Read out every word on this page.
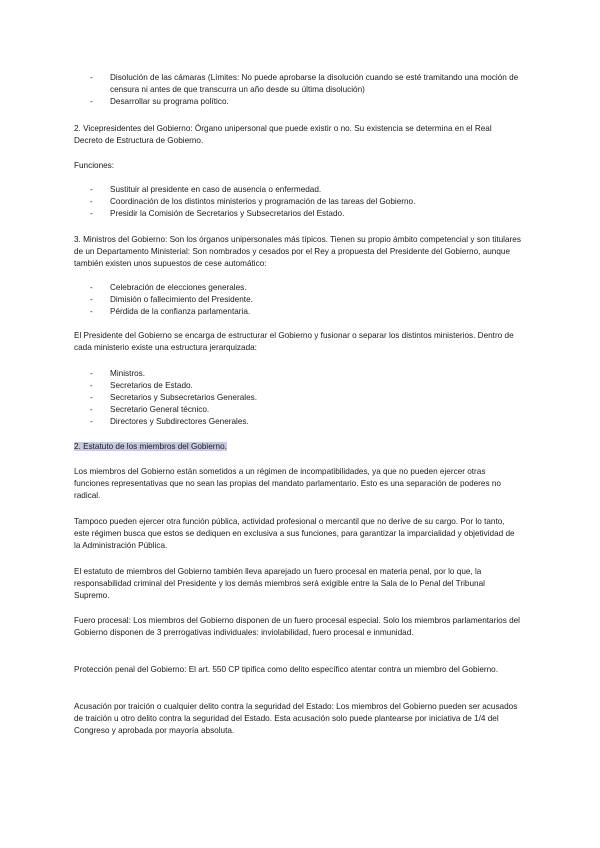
- Disolución de las cámaras (Límites: No puede aprobarse la disolución cuando se esté tramitando una moción de censura ni antes de que transcurra un año desde su última disolución)
- Desarrollar su programa político.

2. Vicepresidentes del Gobierno: Órgano unipersonal que puede existir o no. Su existencia se determina en el Real Decreto de Estructura de Gobierno.

Funciones:

- Sustituir al presidente en caso de ausencia o enfermedad.
- Coordinación de los distintos ministerios y programación de las tareas del Gobierno.
- Presidir la Comisión de Secretarios y Subsecretarios del Estado.

3. Ministros del Gobierno: Son los órganos unipersonales más típicos. Tienen su propio ámbito competencial y son titulares de un Departamento Ministerial: Son nombrados y cesados por el Rey a propuesta del Presidente del Gobierno, aunque también existen unos supuestos de cese automático:

- Celebración de elecciones generales.
- Dimisión o fallecimiento del Presidente.
- Pérdida de la confianza parlamentaria.

El Presidente del Gobierno se encarga de estructurar el Gobierno y fusionar o separar los distintos ministerios. Dentro de cada ministerio existe una estructura jerarquizada:

- Ministros.
- Secretarios de Estado.
- Secretarios y Subsecretarios Generales.
- Secretario General técnico.
- Directores y Subdirectores Generales.

2. Estatuto de los miembros del Gobierno.

Los miembros del Gobierno están sometidos a un régimen de incompatibilidades, ya que no pueden ejercer otras funciones representativas que no sean las propias del mandato parlamentario. Esto es una separación de poderes no radical.

Tampoco pueden ejercer otra función pública, actividad profesional o mercantil que no derive de su cargo. Por lo tanto, este régimen busca que estos se dediquen en exclusiva a sus funciones, para garantizar la imparcialidad y objetividad de la Administración Pública.

El estatuto de miembros del Gobierno también lleva aparejado un fuero procesal en materia penal, por lo que, la responsabilidad criminal del Presidente y los demás miembros será exigible entre la Sala de lo Penal del Tribunal Supremo.

Fuero procesal: Los miembros del Gobierno disponen de un fuero procesal especial. Solo los miembros parlamentarios del Gobierno disponen de 3 prerrogativas individuales: inviolabilidad, fuero procesal e inmunidad.

Protección penal del Gobierno: El art. 550 CP tipifica como delito específico atentar contra un miembro del Gobierno.

Acusación por traición o cualquier delito contra la seguridad del Estado: Los miembros del Gobierno pueden ser acusados de traición u otro delito contra la seguridad del Estado. Esta acusación solo puede plantearse por iniciativa de 1/4 del Congreso y aprobada por mayoría absoluta.
